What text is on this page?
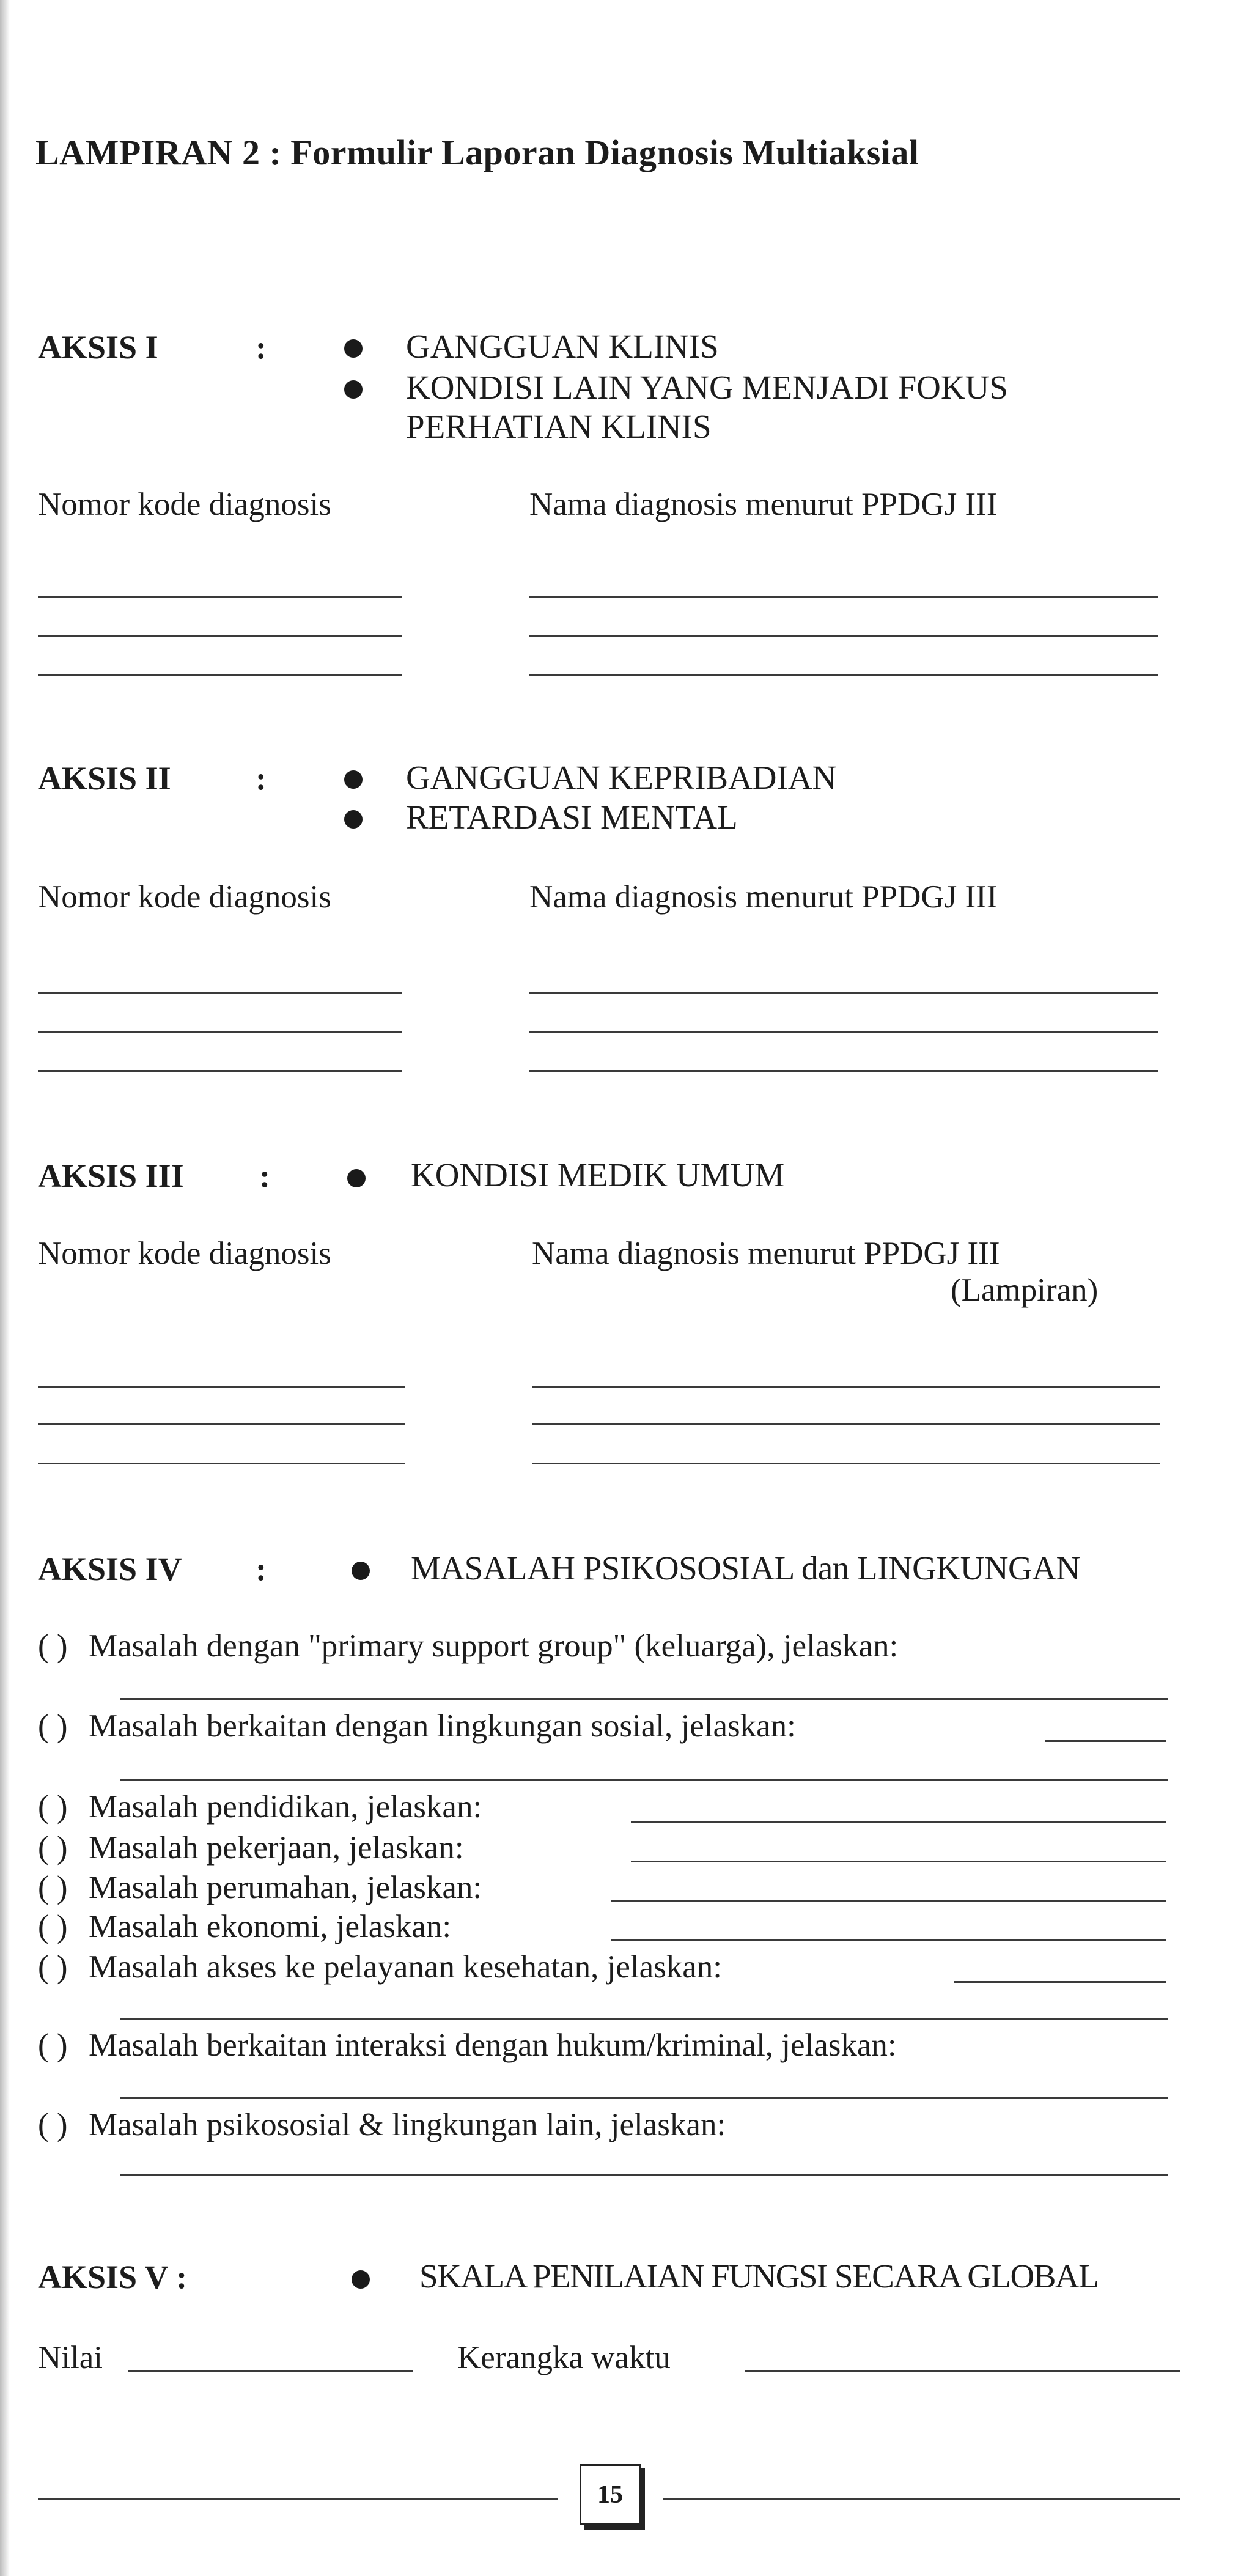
LAMPIRAN 2 : Formulir Laporan Diagnosis Multiaksial
AKSIS I	:	GANGGUAN KLINIS
KONDISI LAIN YANG MENJADI FOKUS
PERHATIAN KLINIS
Nomor kode diagnosis	Nama diagnosis menurut PPDGJ III
AKSIS II	:	GANGGUAN KEPRIBADIAN
RETARDASI MENTAL
Nomor kode diagnosis	Nama diagnosis menurut PPDGJ III
AKSIS III :	KONDISI MEDIK UMUM
Nomor kode diagnosis	Nama diagnosis menurut PPDGJ III
(Lampiran)
AKSIS IV :	MASALAH PSIKOSOSIAL dan LINGKUNGAN
( ) Masalah dengan "primary support group" (keluarga), jelaskan:
( ) Masalah berkaitan dengan lingkungan sosial, jelaskan:
( ) Masalah pendidikan, jelaskan:
( ) Masalah pekerjaan, jelaskan:
( ) Masalah perumahan, jelaskan:
( ) Masalah ekonomi, jelaskan:
( ) Masalah akses ke pelayanan kesehatan, jelaskan:
( ) Masalah berkaitan interaksi dengan hukum/kriminal, jelaskan:
( ) Masalah psikososial & lingkungan lain, jelaskan:
AKSIS V :	SKALA PENILAIAN FUNGSI SECARA GLOBAL
Nilai	Kerangka waktu
15
